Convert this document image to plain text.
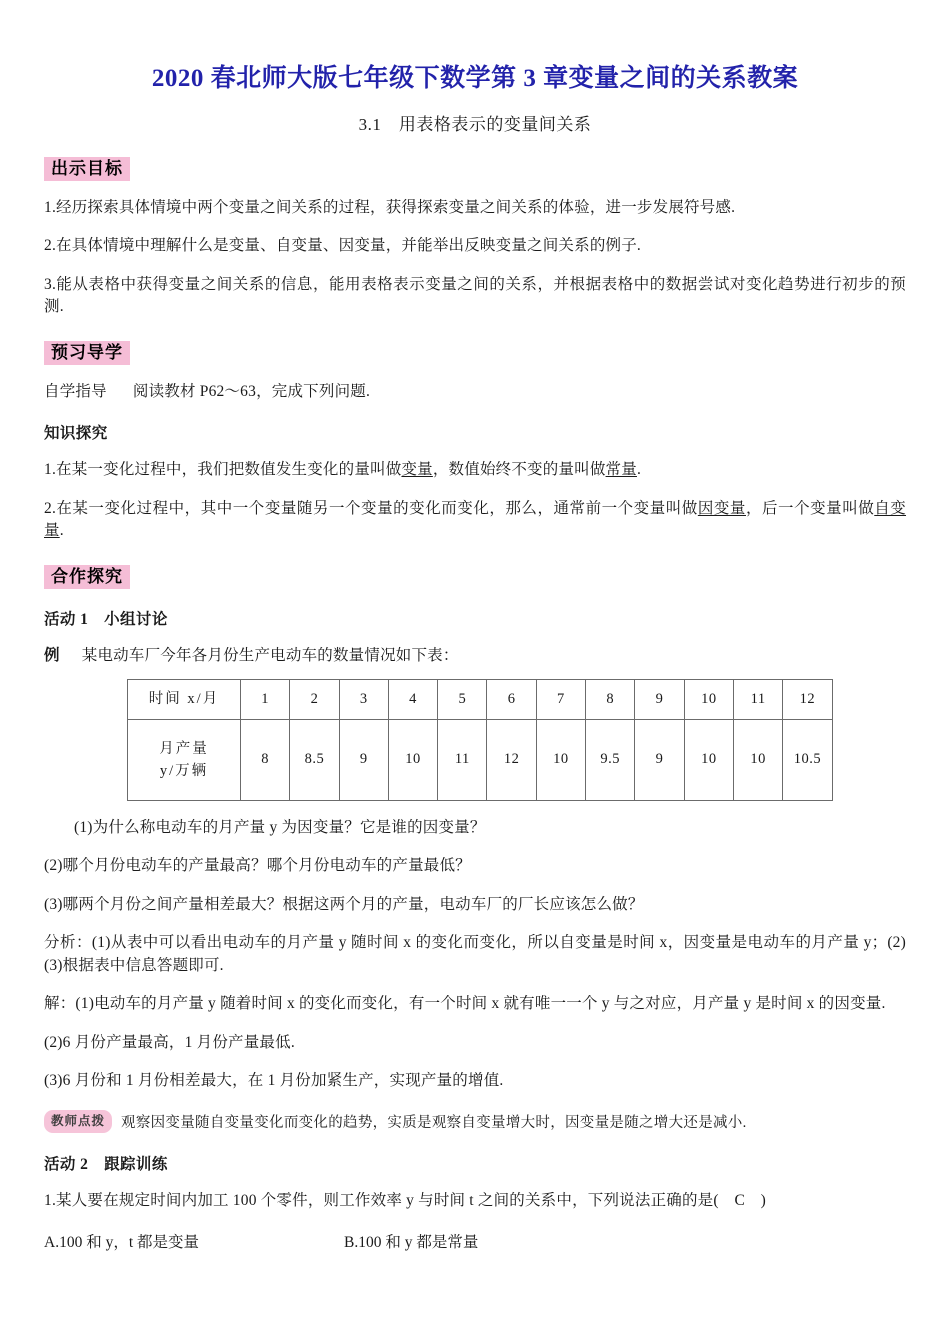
2020 春北师大版七年级下数学第 3 章变量之间的关系教案
3.1　用表格表示的变量间关系
出示目标

1.经历探索具体情境中两个变量之间关系的过程，获得探索变量之间关系的体验，进一步发展符号感.

2.在具体情境中理解什么是变量、自变量、因变量，并能举出反映变量之间关系的例子.

3.能从表格中获得变量之间关系的信息，能用表格表示变量之间的关系，并根据表格中的数据尝试对变化趋势进行初步的预测.

预习导学

自学指导 阅读教材 P62～63，完成下列问题.

知识探究

1.在某一变化过程中，我们把数值发生变化的量叫做变量，数值始终不变的量叫做常量.

2.在某一变化过程中，其中一个变量随另一个变量的变化而变化，那么，通常前一个变量叫做因变量，后一个变量叫做自变量.

合作探究
活动 1　小组讨论

例 某电动车厂今年各月份生产电动车的数量情况如下表：

时间 x/月	1	2	3	4	5	6	7	8	9	10	11	12
月产量
y/万辆	8	8.5	9	10	11	12	10	9.5	9	10	10	10.5

(1)为什么称电动车的月产量 y 为因变量？它是谁的因变量？

(2)哪个月份电动车的产量最高？哪个月份电动车的产量最低？

(3)哪两个月份之间产量相差最大？根据这两个月的产量，电动车厂的厂长应该怎么做？

分析：(1)从表中可以看出电动车的月产量 y 随时间 x 的变化而变化，所以自变量是时间 x，因变量是电动车的月产量 y；(2)(3)根据表中信息答题即可.

解：(1)电动车的月产量 y 随着时间 x 的变化而变化，有一个时间 x 就有唯一一个 y 与之对应，月产量 y 是时间 x 的因变量.

(2)6 月份产量最高，1 月份产量最低.

(3)6 月份和 1 月份相差最大，在 1 月份加紧生产，实现产量的增值.

教师点拨 观察因变量随自变量变化而变化的趋势，实质是观察自变量增大时，因变量是随之增大还是减小.
活动 2　跟踪训练

1.某人要在规定时间内加工 100 个零件，则工作效率 y 与时间 t 之间的关系中，下列说法正确的是(　C　)

A.100 和 y，t 都是变量	B.100 和 y 都是常量
